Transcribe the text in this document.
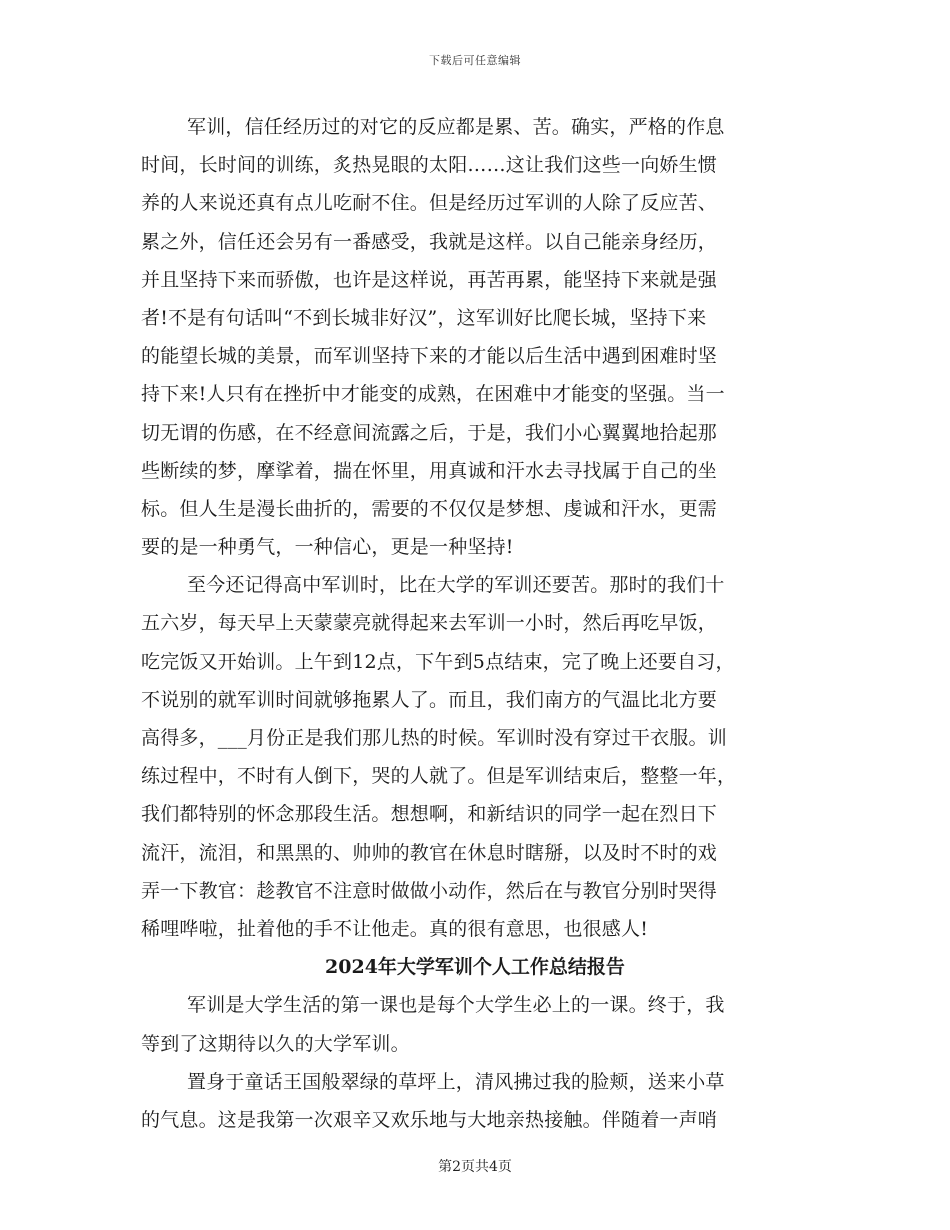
下载后可任意编辑
军训，信任经历过的对它的反应都是累、苦。确实，严格的作息
时间，长时间的训练，炙热晃眼的太阳……这让我们这些一向娇生惯
养的人来说还真有点儿吃耐不住。但是经历过军训的人除了反应苦、
累之外，信任还会另有一番感受，我就是这样。以自己能亲身经历，
并且坚持下来而骄傲，也许是这样说，再苦再累，能坚持下来就是强
者!不是有句话叫“不到长城非好汉”，这军训好比爬长城，坚持下来
的能望长城的美景，而军训坚持下来的才能以后生活中遇到困难时坚
持下来!人只有在挫折中才能变的成熟，在困难中才能变的坚强。当一
切无谓的伤感，在不经意间流露之后，于是，我们小心翼翼地拾起那
些断续的梦，摩挲着，揣在怀里，用真诚和汗水去寻找属于自己的坐
标。但人生是漫长曲折的，需要的不仅仅是梦想、虔诚和汗水，更需
要的是一种勇气，一种信心，更是一种坚持!
至今还记得高中军训时，比在大学的军训还要苦。那时的我们十
五六岁，每天早上天蒙蒙亮就得起来去军训一小时，然后再吃早饭，
吃完饭又开始训。上午到12点，下午到5点结束，完了晚上还要自习，
不说别的就军训时间就够拖累人了。而且，我们南方的气温比北方要
高得多，___月份正是我们那儿热的时候。军训时没有穿过干衣服。训
练过程中，不时有人倒下，哭的人就了。但是军训结束后，整整一年，
我们都特别的怀念那段生活。想想啊，和新结识的同学一起在烈日下
流汗，流泪，和黑黑的、帅帅的教官在休息时瞎掰，以及时不时的戏
弄一下教官：趁教官不注意时做做小动作，然后在与教官分别时哭得
稀哩哗啦，扯着他的手不让他走。真的很有意思，也很感人!
2024年大学军训个人工作总结报告
军训是大学生活的第一课也是每个大学生必上的一课。终于，我
等到了这期待以久的大学军训。
置身于童话王国般翠绿的草坪上，清风拂过我的脸颊，送来小草
的气息。这是我第一次艰辛又欢乐地与大地亲热接触。伴随着一声哨
第2页共4页
